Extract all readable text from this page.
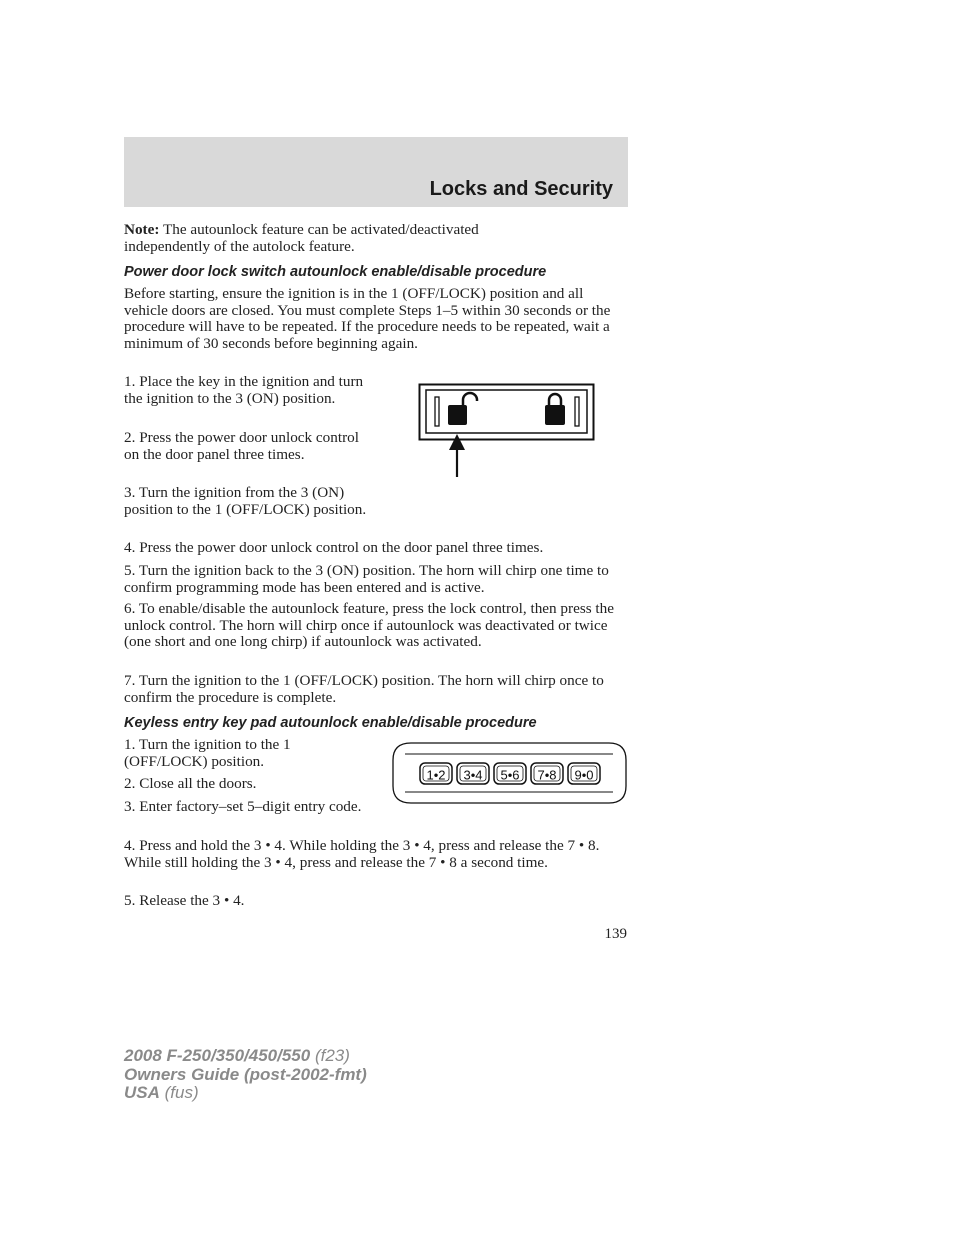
Locks and Security

Note: The autounlock feature can be activated/deactivated independently of the autolock feature.

Power door lock switch autounlock enable/disable procedure

Before starting, ensure the ignition is in the 1 (OFF/LOCK) position and all vehicle doors are closed. You must complete Steps 1–5 within 30 seconds or the procedure will have to be repeated. If the procedure needs to be repeated, wait a minimum of 30 seconds before beginning again.

1. Place the key in the ignition and turn the ignition to the 3 (ON) position.

2. Press the power door unlock control on the door panel three times.

3. Turn the ignition from the 3 (ON) position to the 1 (OFF/LOCK) position.

4. Press the power door unlock control on the door panel three times.

5. Turn the ignition back to the 3 (ON) position. The horn will chirp one time to confirm programming mode has been entered and is active.

6. To enable/disable the autounlock feature, press the lock control, then press the unlock control. The horn will chirp once if autounlock was deactivated or twice (one short and one long chirp) if autounlock was activated.

7. Turn the ignition to the 1 (OFF/LOCK) position. The horn will chirp once to confirm the procedure is complete.

Keyless entry key pad autounlock enable/disable procedure

1. Turn the ignition to the 1 (OFF/LOCK) position.

2. Close all the doors.

3. Enter factory–set 5–digit entry code.

4. Press and hold the 3 • 4. While holding the 3 • 4, press and release the 7 • 8. While still holding the 3 • 4, press and release the 7 • 8 a second time.

5. Release the 3 • 4.

1•2 3•4 5•6 7•8 9•0
139
2008 F-250/350/450/550 (f23)
Owners Guide (post-2002-fmt)
USA (fus)
